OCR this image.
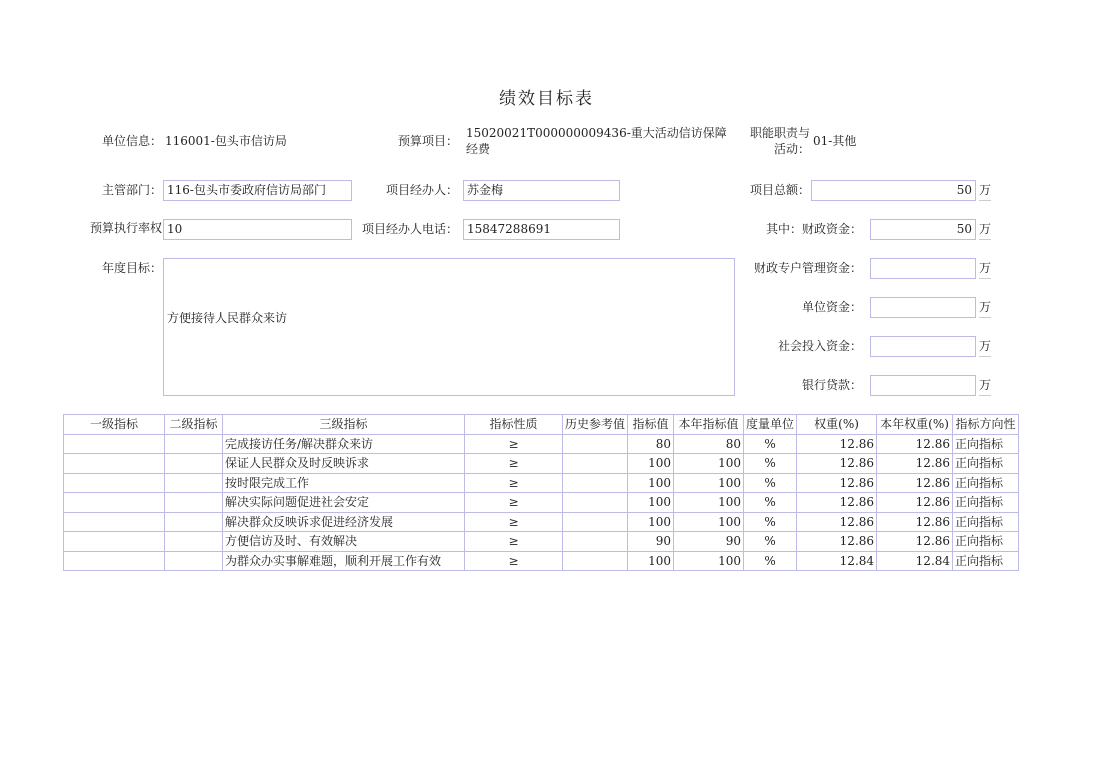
绩效目标表
单位信息： 116001-包头市信访局	预算项目：
15020021T000000009436-重大活动信访保障
经费
职能职责与
活动：
01-其他
主管部门： 116-包头市委政府信访局部门	项目经办人： 苏金梅	项目总额：	50 万
预算执行率权 10	项目经办人电话： 15847288691	其中：财政资金：	50 万
年度目标：
方便接待人民群众来访
财政专户管理资金：	万
单位资金：	万
社会投入资金：	万
银行贷款：	万
一级指标	二级指标	三级指标	指标性质	历史参考值	指标值	本年指标值	度量单位	权重(%)	本年权重(%)	指标方向性
		完成接访任务/解决群众来访	≥		80	80	%	12.86	12.86	正向指标
		保证人民群众及时反映诉求	≥		100	100	%	12.86	12.86	正向指标
		按时限完成工作	≥		100	100	%	12.86	12.86	正向指标
		解决实际问题促进社会安定	≥		100	100	%	12.86	12.86	正向指标
		解决群众反映诉求促进经济发展	≥		100	100	%	12.86	12.86	正向指标
		方便信访及时、有效解决	≥		90	90	%	12.86	12.86	正向指标
		为群众办实事解难题，顺利开展工作有效	≥		100	100	%	12.84	12.84	正向指标
